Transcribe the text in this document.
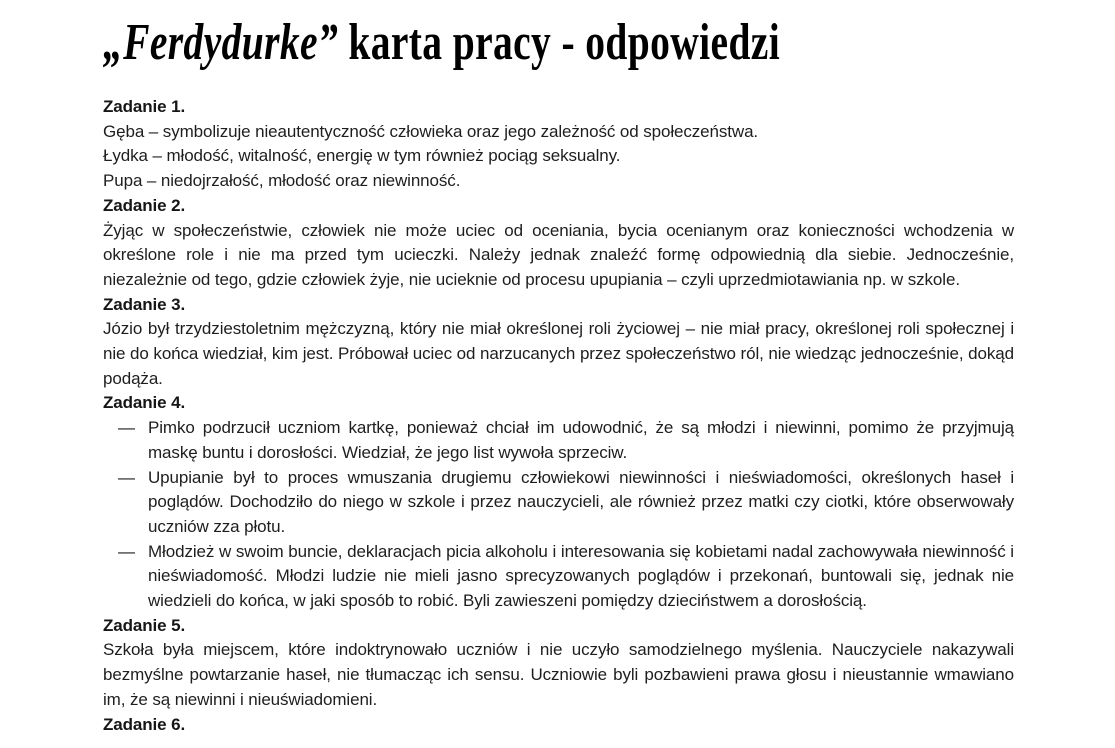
„Ferdydurke” karta pracy - odpowiedzi
Zadanie 1.
Gęba – symbolizuje nieautentyczność człowieka oraz jego zależność od społeczeństwa.
Łydka – młodość, witalność, energię w tym również pociąg seksualny.
Pupa – niedojrzałość, młodość oraz niewinność.
Zadanie 2.
Żyjąc w społeczeństwie, człowiek nie może uciec od oceniania, bycia ocenianym oraz konieczności wchodzenia w określone role i nie ma przed tym ucieczki. Należy jednak znaleźć formę odpowiednią dla siebie. Jednocześnie, niezależnie od tego, gdzie człowiek żyje, nie ucieknie od procesu upupiania – czyli uprzedmiotawiania np. w szkole.
Zadanie 3.
Józio był trzydziestoletnim mężczyzną, który nie miał określonej roli życiowej – nie miał pracy, określonej roli społecznej i nie do końca wiedział, kim jest. Próbował uciec od narzucanych przez społeczeństwo ról, nie wiedząc jednocześnie, dokąd podąża.
Zadanie 4.
— Pimko podrzucił uczniom kartkę, ponieważ chciał im udowodnić, że są młodzi i niewinni, pomimo że przyjmują maskę buntu i dorosłości. Wiedział, że jego list wywoła sprzeciw.
— Upupianie był to proces wmuszania drugiemu człowiekowi niewinności i nieświadomości, określonych haseł i poglądów. Dochodziło do niego w szkole i przez nauczycieli, ale również przez matki czy ciotki, które obserwowały uczniów zza płotu.
— Młodzież w swoim buncie, deklaracjach picia alkoholu i interesowania się kobietami nadal zachowywała niewinność i nieświadomość. Młodzi ludzie nie mieli jasno sprecyzowanych poglądów i przekonań, buntowali się, jednak nie wiedzieli do końca, w jaki sposób to robić. Byli zawieszeni pomiędzy dzieciństwem a dorosłością.
Zadanie 5.
Szkoła była miejscem, które indoktrynowało uczniów i nie uczyło samodzielnego myślenia. Nauczyciele nakazywali bezmyślne powtarzanie haseł, nie tłumacząc ich sensu. Uczniowie byli pozbawieni prawa głosu i nieustannie wmawiano im, że są niewinni i nieuświadomieni.
Zadanie 6.
